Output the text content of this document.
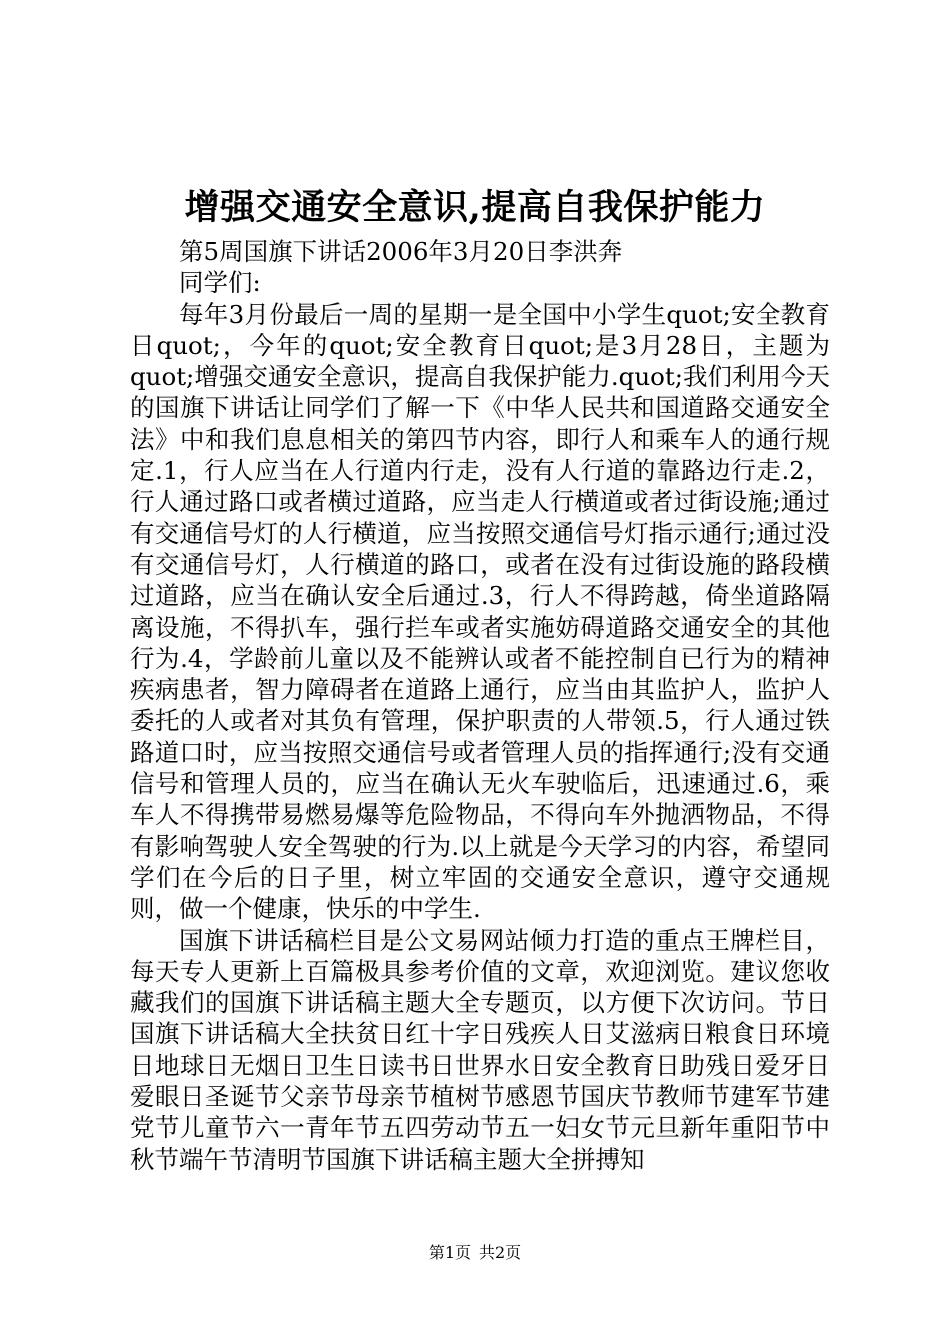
增强交通安全意识,提高自我保护能力

第5周国旗下讲话2006年3月20日李洪奔

同学们:

每年3月份最后一周的星期一是全国中小学生quot;安全教育日quot;，今年的quot;安全教育日quot;是3月28日，主题为quot;增强交通安全意识，提高自我保护能力.quot;我们利用今天的国旗下讲话让同学们了解一下《中华人民共和国道路交通安全法》中和我们息息相关的第四节内容，即行人和乘车人的通行规定.1，行人应当在人行道内行走，没有人行道的靠路边行走.2，行人通过路口或者横过道路，应当走人行横道或者过街设施;通过有交通信号灯的人行横道，应当按照交通信号灯指示通行;通过没有交通信号灯，人行横道的路口，或者在没有过街设施的路段横过道路，应当在确认安全后通过.3，行人不得跨越，倚坐道路隔离设施，不得扒车，强行拦车或者实施妨碍道路交通安全的其他行为.4，学龄前儿童以及不能辨认或者不能控制自已行为的精神疾病患者，智力障碍者在道路上通行，应当由其监护人，监护人委托的人或者对其负有管理，保护职责的人带领.5，行人通过铁路道口时，应当按照交通信号或者管理人员的指挥通行;没有交通信号和管理人员的，应当在确认无火车驶临后，迅速通过.6，乘车人不得携带易燃易爆等危险物品，不得向车外抛洒物品，不得有影响驾驶人安全驾驶的行为.以上就是今天学习的内容，希望同学们在今后的日子里，树立牢固的交通安全意识，遵守交通规则，做一个健康，快乐的中学生.

国旗下讲话稿栏目是公文易网站倾力打造的重点王牌栏目，每天专人更新上百篇极具参考价值的文章，欢迎浏览。建议您收藏我们的国旗下讲话稿主题大全专题页，以方便下次访问。节日国旗下讲话稿大全扶贫日红十字日残疾人日艾滋病日粮食日环境日地球日无烟日卫生日读书日世界水日安全教育日助残日爱牙日爱眼日圣诞节父亲节母亲节植树节感恩节国庆节教师节建军节建党节儿童节六一青年节五四劳动节五一妇女节元旦新年重阳节中秋节端午节清明节国旗下讲话稿主题大全拼搏知

第1页 共2页
